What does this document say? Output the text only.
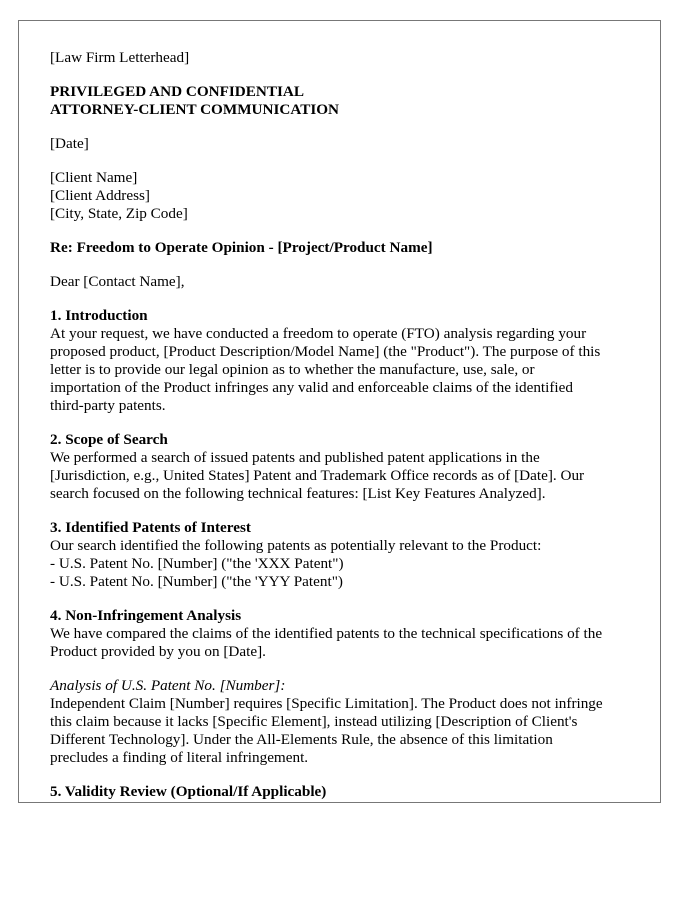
[Law Firm Letterhead]
PRIVILEGED AND CONFIDENTIAL
ATTORNEY-CLIENT COMMUNICATION
[Date]
[Client Name]
[Client Address]
[City, State, Zip Code]
Re: Freedom to Operate Opinion - [Project/Product Name]
Dear [Contact Name],
1. Introduction
At your request, we have conducted a freedom to operate (FTO) analysis regarding your
proposed product, [Product Description/Model Name] (the "Product"). The purpose of this
letter is to provide our legal opinion as to whether the manufacture, use, sale, or
importation of the Product infringes any valid and enforceable claims of the identified
third-party patents.
2. Scope of Search
We performed a search of issued patents and published patent applications in the
[Jurisdiction, e.g., United States] Patent and Trademark Office records as of [Date]. Our
search focused on the following technical features: [List Key Features Analyzed].
3. Identified Patents of Interest
Our search identified the following patents as potentially relevant to the Product:
- U.S. Patent No. [Number] ("the 'XXX Patent")
- U.S. Patent No. [Number] ("the 'YYY Patent")
4. Non-Infringement Analysis
We have compared the claims of the identified patents to the technical specifications of the
Product provided by you on [Date].
Analysis of U.S. Patent No. [Number]:
Independent Claim [Number] requires [Specific Limitation]. The Product does not infringe
this claim because it lacks [Specific Element], instead utilizing [Description of Client's
Different Technology]. Under the All-Elements Rule, the absence of this limitation
precludes a finding of literal infringement.
5. Validity Review (Optional/If Applicable)
